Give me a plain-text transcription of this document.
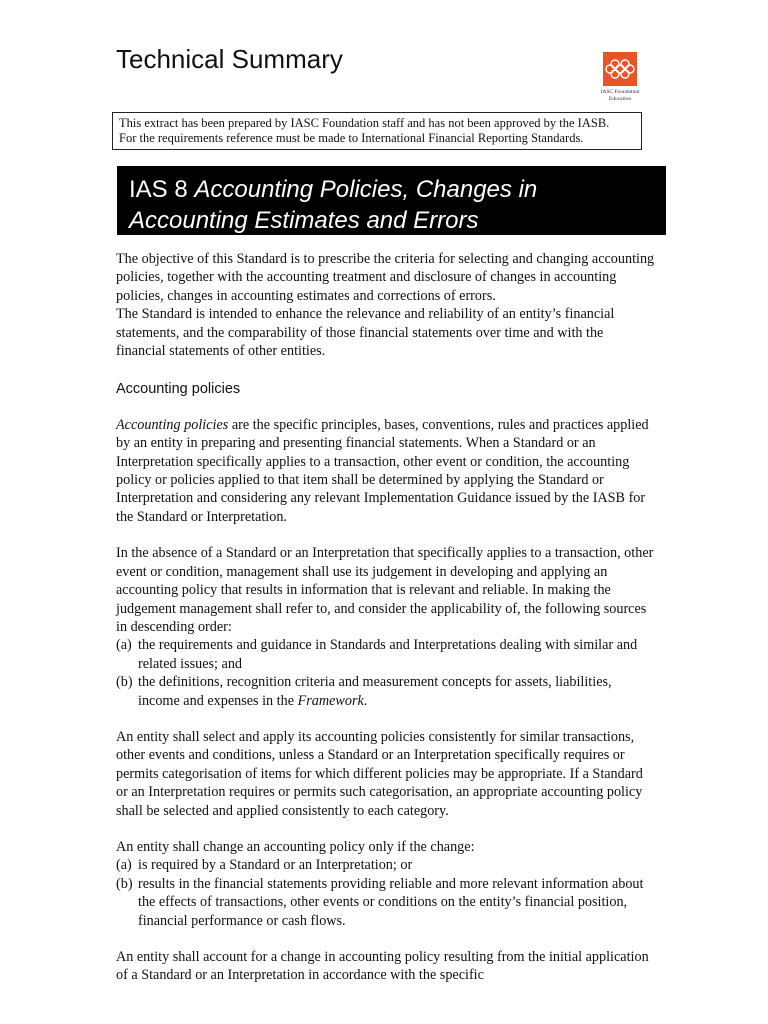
Technical Summary
IASC Foundation
Education
This extract has been prepared by IASC Foundation staff and has not been approved by the IASB.
For the requirements reference must be made to International Financial Reporting Standards.
IAS 8 Accounting Policies, Changes in Accounting Estimates and Errors

The objective of this Standard is to prescribe the criteria for selecting and changing accounting policies, together with the accounting treatment and disclosure of changes in accounting policies, changes in accounting estimates and corrections of errors.

The Standard is intended to enhance the relevance and reliability of an entity’s financial statements, and the comparability of those financial statements over time and with the financial statements of other entities.

Accounting policies

Accounting policies are the specific principles, bases, conventions, rules and practices applied by an entity in preparing and presenting financial statements. When a Standard or an Interpretation specifically applies to a transaction, other event or condition, the accounting policy or policies applied to that item shall be determined by applying the Standard or Interpretation and considering any relevant Implementation Guidance issued by the IASB for the Standard or Interpretation.

In the absence of a Standard or an Interpretation that specifically applies to a transaction, other event or condition, management shall use its judgement in developing and applying an accounting policy that results in information that is relevant and reliable. In making the judgement management shall refer to, and consider the applicability of, the following sources in descending order:

(a) the requirements and guidance in Standards and Interpretations dealing with similar and related issues; and
(b) the definitions, recognition criteria and measurement concepts for assets, liabilities, income and expenses in the Framework.

An entity shall select and apply its accounting policies consistently for similar transactions, other events and conditions, unless a Standard or an Interpretation specifically requires or permits categorisation of items for which different policies may be appropriate. If a Standard or an Interpretation requires or permits such categorisation, an appropriate accounting policy shall be selected and applied consistently to each category.

An entity shall change an accounting policy only if the change:

(a) is required by a Standard or an Interpretation; or
(b) results in the financial statements providing reliable and more relevant information about the effects of transactions, other events or conditions on the entity’s financial position, financial performance or cash flows.

An entity shall account for a change in accounting policy resulting from the initial application of a Standard or an Interpretation in accordance with the specific
